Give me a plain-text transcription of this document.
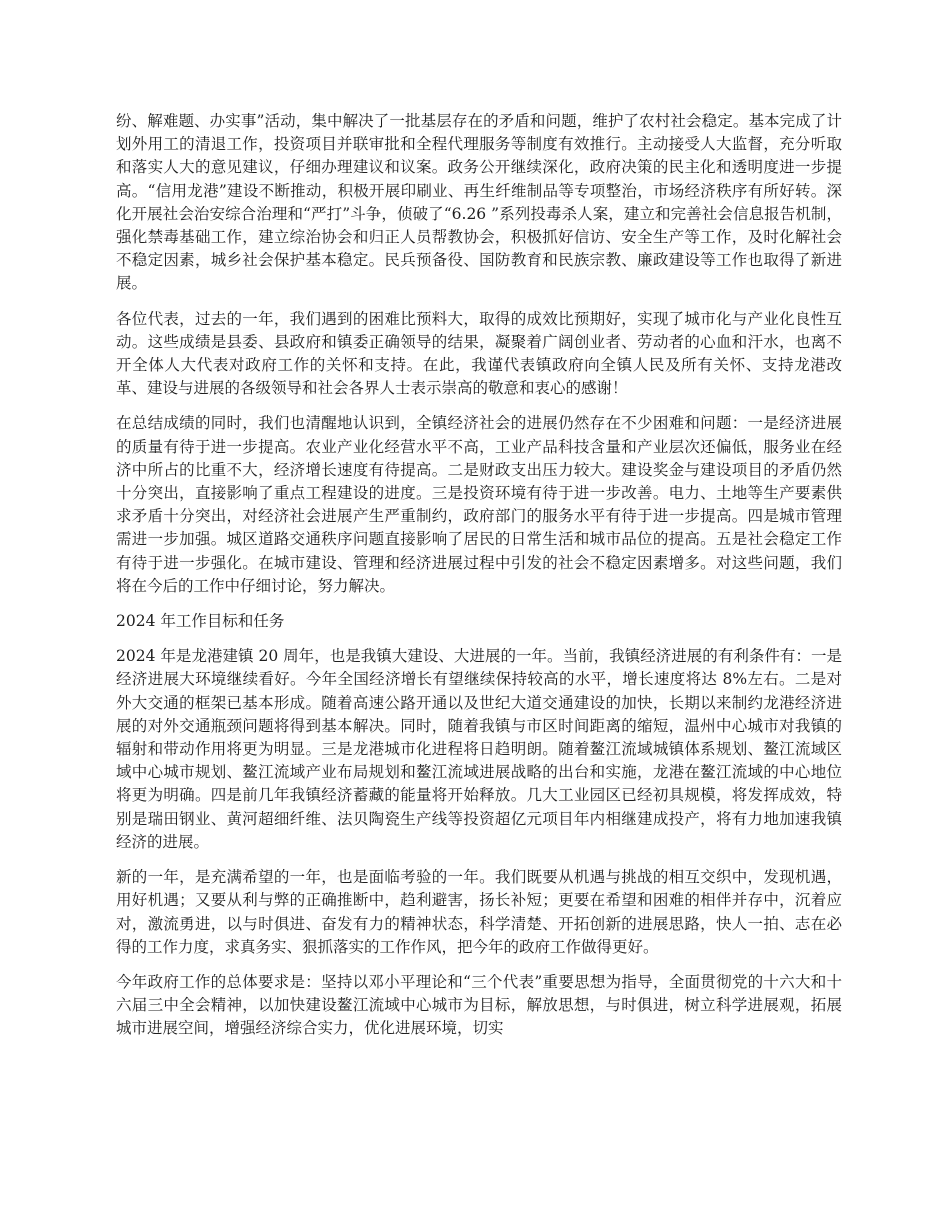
纷、解难题、办实事”活动，集中解决了一批基层存在的矛盾和问题，维护了农村社会稳定。基本完成了计划外用工的清退工作，投资项目并联审批和全程代理服务等制度有效推行。主动接受人大监督，充分听取和落实人大的意见建议，仔细办理建议和议案。政务公开继续深化，政府决策的民主化和透明度进一步提高。“信用龙港”建设不断推动，积极开展印刷业、再生纤维制品等专项整治，市场经济秩序有所好转。深化开展社会治安综合治理和“严打”斗争，侦破了“6.26 ”系列投毒杀人案，建立和完善社会信息报告机制，强化禁毒基础工作，建立综治协会和归正人员帮教协会，积极抓好信访、安全生产等工作，及时化解社会不稳定因素，城乡社会保护基本稳定。民兵预备役、国防教育和民族宗教、廉政建设等工作也取得了新进展。

各位代表，过去的一年，我们遇到的困难比预料大，取得的成效比预期好，实现了城市化与产业化良性互动。这些成绩是县委、县政府和镇委正确领导的结果，凝聚着广阔创业者、劳动者的心血和汗水，也离不开全体人大代表对政府工作的关怀和支持。在此，我谨代表镇政府向全镇人民及所有关怀、支持龙港改革、建设与进展的各级领导和社会各界人士表示崇高的敬意和衷心的感谢！

在总结成绩的同时，我们也清醒地认识到，全镇经济社会的进展仍然存在不少困难和问题：一是经济进展的质量有待于进一步提高。农业产业化经营水平不高，工业产品科技含量和产业层次还偏低，服务业在经济中所占的比重不大，经济增长速度有待提高。二是财政支出压力较大。建设奖金与建设项目的矛盾仍然十分突出，直接影响了重点工程建设的进度。三是投资环境有待于进一步改善。电力、土地等生产要素供求矛盾十分突出，对经济社会进展产生严重制约，政府部门的服务水平有待于进一步提高。四是城市管理需进一步加强。城区道路交通秩序问题直接影响了居民的日常生活和城市品位的提高。五是社会稳定工作有待于进一步强化。在城市建设、管理和经济进展过程中引发的社会不稳定因素增多。对这些问题，我们将在今后的工作中仔细讨论，努力解决。

2024 年工作目标和任务

2024 年是龙港建镇 20 周年，也是我镇大建设、大进展的一年。当前，我镇经济进展的有利条件有：一是经济进展大环境继续看好。今年全国经济增长有望继续保持较高的水平，增长速度将达 8%左右。二是对外大交通的框架已基本形成。随着高速公路开通以及世纪大道交通建设的加快，长期以来制约龙港经济进展的对外交通瓶颈问题将得到基本解决。同时，随着我镇与市区时间距离的缩短，温州中心城市对我镇的辐射和带动作用将更为明显。三是龙港城市化进程将日趋明朗。随着鳌江流域城镇体系规划、鳌江流域区域中心城市规划、鳌江流域产业布局规划和鳌江流域进展战略的出台和实施，龙港在鳌江流域的中心地位将更为明确。四是前几年我镇经济蓄藏的能量将开始释放。几大工业园区已经初具规模，将发挥成效，特别是瑞田钢业、黄河超细纤维、法贝陶瓷生产线等投资超亿元项目年内相继建成投产，将有力地加速我镇经济的进展。

新的一年，是充满希望的一年，也是面临考验的一年。我们既要从机遇与挑战的相互交织中，发现机遇，用好机遇；又要从利与弊的正确推断中，趋利避害，扬长补短；更要在希望和困难的相伴并存中，沉着应对，激流勇进，以与时俱进、奋发有力的精神状态，科学清楚、开拓创新的进展思路，快人一拍、志在必得的工作力度，求真务实、狠抓落实的工作作风，把今年的政府工作做得更好。

今年政府工作的总体要求是：坚持以邓小平理论和“三个代表”重要思想为指导，全面贯彻党的十六大和十六届三中全会精神，以加快建设鳌江流域中心城市为目标，解放思想，与时俱进，树立科学进展观，拓展城市进展空间，增强经济综合实力，优化进展环境，切实
